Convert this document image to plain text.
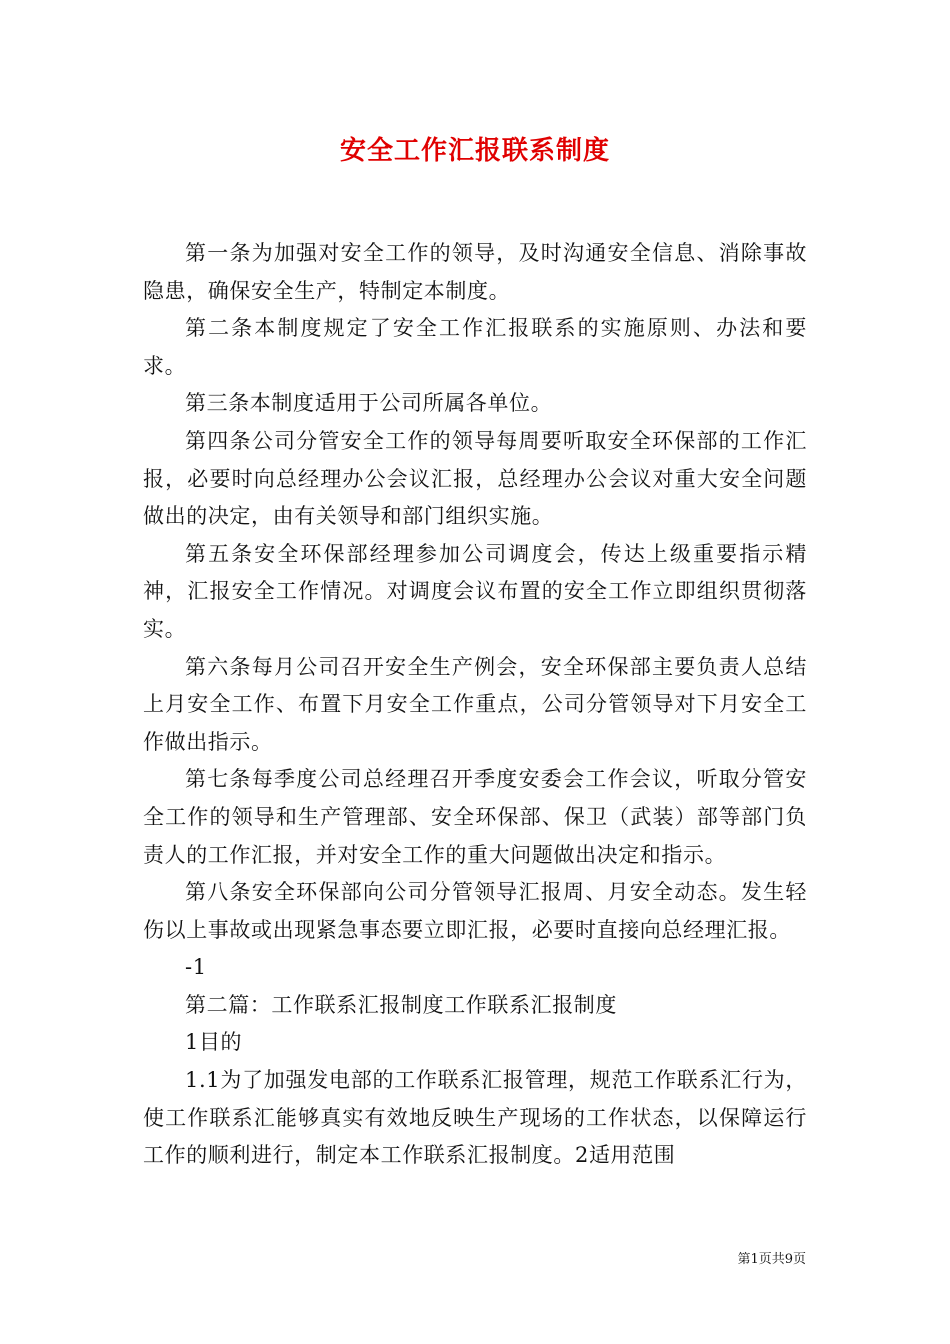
安全工作汇报联系制度

第一条为加强对安全工作的领导，及时沟通安全信息、消除事故隐患，确保安全生产，特制定本制度。

第二条本制度规定了安全工作汇报联系的实施原则、办法和要求。

第三条本制度适用于公司所属各单位。

第四条公司分管安全工作的领导每周要听取安全环保部的工作汇报，必要时向总经理办公会议汇报，总经理办公会议对重大安全问题做出的决定，由有关领导和部门组织实施。

第五条安全环保部经理参加公司调度会，传达上级重要指示精神，汇报安全工作情况。对调度会议布置的安全工作立即组织贯彻落实。

第六条每月公司召开安全生产例会，安全环保部主要负责人总结上月安全工作、布置下月安全工作重点，公司分管领导对下月安全工作做出指示。

第七条每季度公司总经理召开季度安委会工作会议，听取分管安全工作的领导和生产管理部、安全环保部、保卫（武装）部等部门负责人的工作汇报，并对安全工作的重大问题做出决定和指示。

第八条安全环保部向公司分管领导汇报周、月安全动态。发生轻伤以上事故或出现紧急事态要立即汇报，必要时直接向总经理汇报。

-1

第二篇：工作联系汇报制度工作联系汇报制度

1目的

1.1为了加强发电部的工作联系汇报管理，规范工作联系汇行为，使工作联系汇能够真实有效地反映生产现场的工作状态，以保障运行工作的顺利进行，制定本工作联系汇报制度。2适用范围

第1页共9页
